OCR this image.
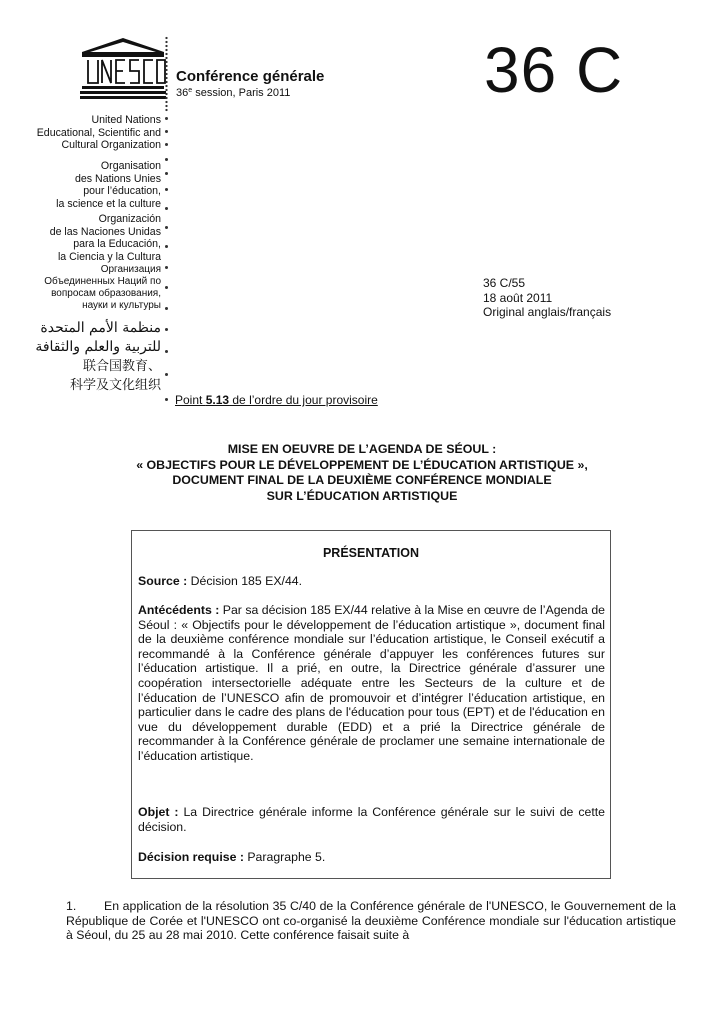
Conférence générale
36e session, Paris 2011	36 C
United Nations
Educational, Scientific and
Cultural Organization
Organisation
des Nations Unies
pour l’éducation,
la science et la culture
Organización
de las Naciones Unidas
para la Educación,
la Ciencia y la Cultura
Организация
Объединенных Наций по
вопросам образования,
науки и культуры
منظمة الأمم المتحدة
للتربية والعلم والثقافة
联合国教育、
科学及文化组织
36 C/55
18 août 2011
Original anglais/français
Point 5.13 de l’ordre du jour provisoire
MISE EN OEUVRE DE L’AGENDA DE SÉOUL :
« OBJECTIFS POUR LE DÉVELOPPEMENT DE L’ÉDUCATION ARTISTIQUE »,
DOCUMENT FINAL DE LA DEUXIÈME CONFÉRENCE MONDIALE
SUR L’ÉDUCATION ARTISTIQUE
PRÉSENTATION
Source : Décision 185 EX/44.
Antécédents : Par sa décision 185 EX/44 relative à la Mise en œuvre de l’Agenda de Séoul : « Objectifs pour le développement de l’éducation artistique », document final de la deuxième conférence mondiale sur l’éducation artistique, le Conseil exécutif a recommandé à la Conférence générale d’appuyer les conférences futures sur l’éducation artistique. Il a prié, en outre, la Directrice générale d’assurer une coopération intersectorielle adéquate entre les Secteurs de la culture et de l’éducation de l’UNESCO afin de promouvoir et d’intégrer l’éducation artistique, en particulier dans le cadre des plans de l'éducation pour tous (EPT) et de l'éducation en vue du développement durable (EDD) et a prié la Directrice générale de recommander à la Conférence générale de proclamer une semaine internationale de l’éducation artistique.
Objet : La Directrice générale informe la Conférence générale sur le suivi de cette décision.
Décision requise : Paragraphe 5.
1. En application de la résolution 35 C/40 de la Conférence générale de l'UNESCO, le Gouvernement de la République de Corée et l'UNESCO ont co-organisé la deuxième Conférence mondiale sur l'éducation artistique à Séoul, du 25 au 28 mai 2010. Cette conférence faisait suite à
